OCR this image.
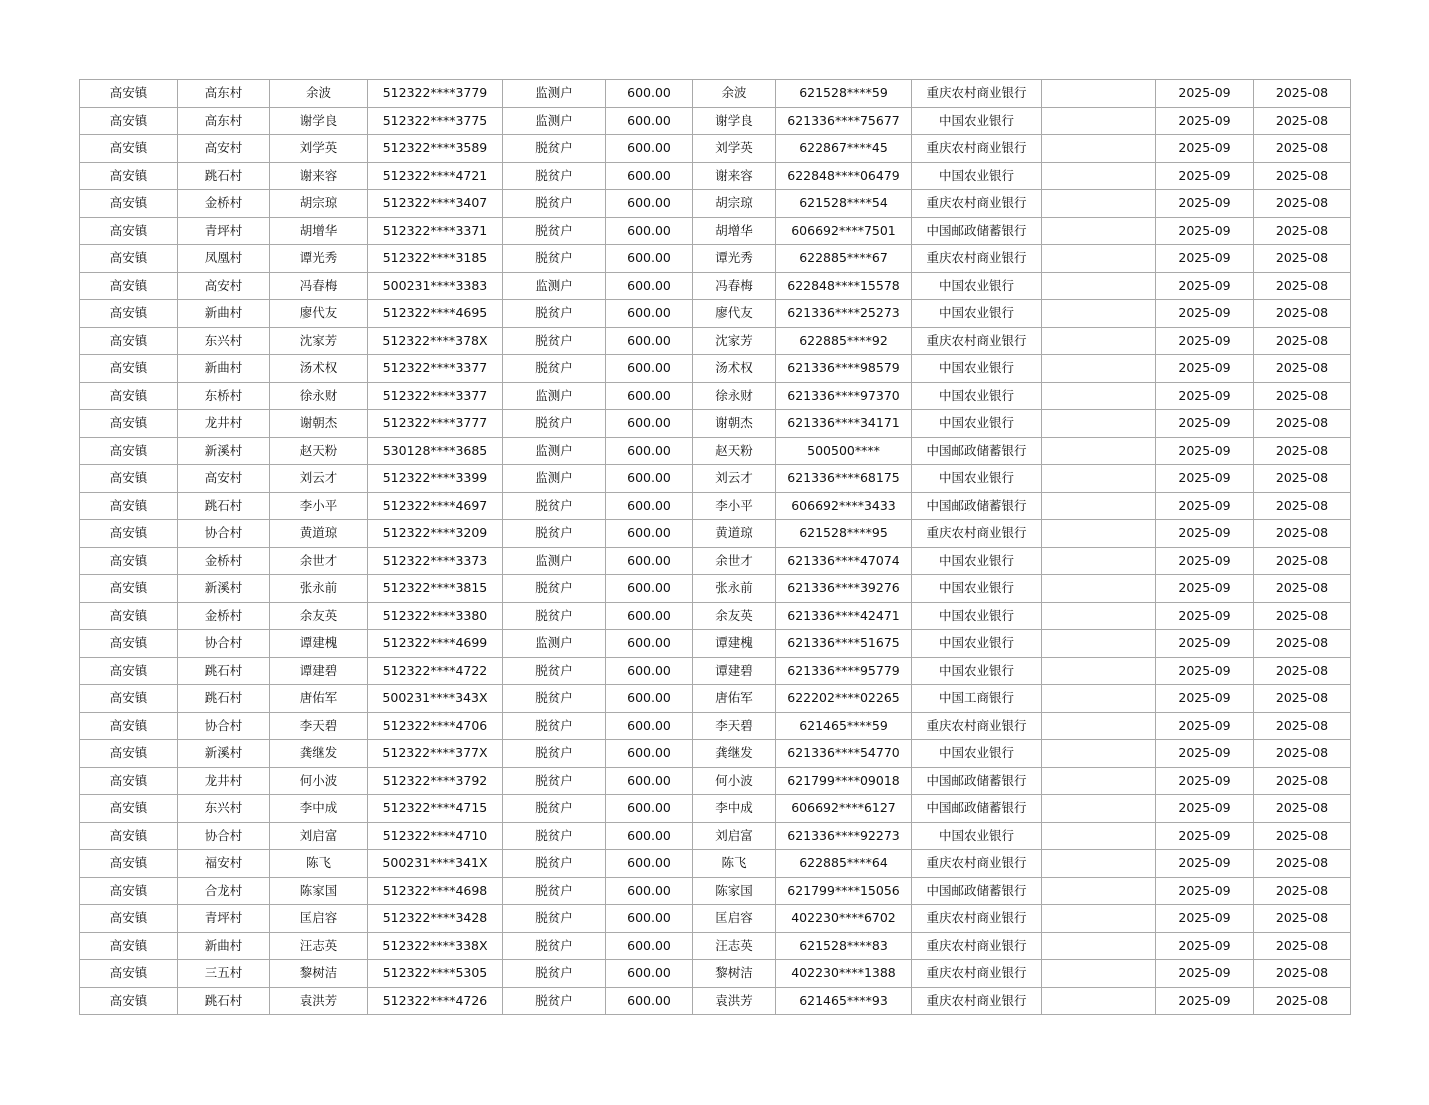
高安镇	高东村	余波	512322****3779	监测户	600.00	余波	621528****59	重庆农村商业银行		2025-09	2025-08
高安镇	高东村	谢学良	512322****3775	监测户	600.00	谢学良	621336****75677	中国农业银行		2025-09	2025-08
高安镇	高安村	刘学英	512322****3589	脱贫户	600.00	刘学英	622867****45	重庆农村商业银行		2025-09	2025-08
高安镇	跳石村	谢来容	512322****4721	脱贫户	600.00	谢来容	622848****06479	中国农业银行		2025-09	2025-08
高安镇	金桥村	胡宗琼	512322****3407	脱贫户	600.00	胡宗琼	621528****54	重庆农村商业银行		2025-09	2025-08
高安镇	青坪村	胡增华	512322****3371	脱贫户	600.00	胡增华	606692****7501	中国邮政储蓄银行		2025-09	2025-08
高安镇	凤凰村	谭光秀	512322****3185	脱贫户	600.00	谭光秀	622885****67	重庆农村商业银行		2025-09	2025-08
高安镇	高安村	冯春梅	500231****3383	监测户	600.00	冯春梅	622848****15578	中国农业银行		2025-09	2025-08
高安镇	新曲村	廖代友	512322****4695	脱贫户	600.00	廖代友	621336****25273	中国农业银行		2025-09	2025-08
高安镇	东兴村	沈家芳	512322****378X	脱贫户	600.00	沈家芳	622885****92	重庆农村商业银行		2025-09	2025-08
高安镇	新曲村	汤术权	512322****3377	脱贫户	600.00	汤术权	621336****98579	中国农业银行		2025-09	2025-08
高安镇	东桥村	徐永财	512322****3377	监测户	600.00	徐永财	621336****97370	中国农业银行		2025-09	2025-08
高安镇	龙井村	谢朝杰	512322****3777	脱贫户	600.00	谢朝杰	621336****34171	中国农业银行		2025-09	2025-08
高安镇	新溪村	赵天粉	530128****3685	监测户	600.00	赵天粉	500500****	中国邮政储蓄银行		2025-09	2025-08
高安镇	高安村	刘云才	512322****3399	监测户	600.00	刘云才	621336****68175	中国农业银行		2025-09	2025-08
高安镇	跳石村	李小平	512322****4697	脱贫户	600.00	李小平	606692****3433	中国邮政储蓄银行		2025-09	2025-08
高安镇	协合村	黄道琼	512322****3209	脱贫户	600.00	黄道琼	621528****95	重庆农村商业银行		2025-09	2025-08
高安镇	金桥村	余世才	512322****3373	监测户	600.00	余世才	621336****47074	中国农业银行		2025-09	2025-08
高安镇	新溪村	张永前	512322****3815	脱贫户	600.00	张永前	621336****39276	中国农业银行		2025-09	2025-08
高安镇	金桥村	余友英	512322****3380	脱贫户	600.00	余友英	621336****42471	中国农业银行		2025-09	2025-08
高安镇	协合村	谭建槐	512322****4699	监测户	600.00	谭建槐	621336****51675	中国农业银行		2025-09	2025-08
高安镇	跳石村	谭建碧	512322****4722	脱贫户	600.00	谭建碧	621336****95779	中国农业银行		2025-09	2025-08
高安镇	跳石村	唐佑军	500231****343X	脱贫户	600.00	唐佑军	622202****02265	中国工商银行		2025-09	2025-08
高安镇	协合村	李天碧	512322****4706	脱贫户	600.00	李天碧	621465****59	重庆农村商业银行		2025-09	2025-08
高安镇	新溪村	龚继发	512322****377X	脱贫户	600.00	龚继发	621336****54770	中国农业银行		2025-09	2025-08
高安镇	龙井村	何小波	512322****3792	脱贫户	600.00	何小波	621799****09018	中国邮政储蓄银行		2025-09	2025-08
高安镇	东兴村	李中成	512322****4715	脱贫户	600.00	李中成	606692****6127	中国邮政储蓄银行		2025-09	2025-08
高安镇	协合村	刘启富	512322****4710	脱贫户	600.00	刘启富	621336****92273	中国农业银行		2025-09	2025-08
高安镇	福安村	陈飞	500231****341X	脱贫户	600.00	陈飞	622885****64	重庆农村商业银行		2025-09	2025-08
高安镇	合龙村	陈家国	512322****4698	脱贫户	600.00	陈家国	621799****15056	中国邮政储蓄银行		2025-09	2025-08
高安镇	青坪村	匡启容	512322****3428	脱贫户	600.00	匡启容	402230****6702	重庆农村商业银行		2025-09	2025-08
高安镇	新曲村	汪志英	512322****338X	脱贫户	600.00	汪志英	621528****83	重庆农村商业银行		2025-09	2025-08
高安镇	三五村	黎树洁	512322****5305	脱贫户	600.00	黎树洁	402230****1388	重庆农村商业银行		2025-09	2025-08
高安镇	跳石村	袁洪芳	512322****4726	脱贫户	600.00	袁洪芳	621465****93	重庆农村商业银行		2025-09	2025-08
